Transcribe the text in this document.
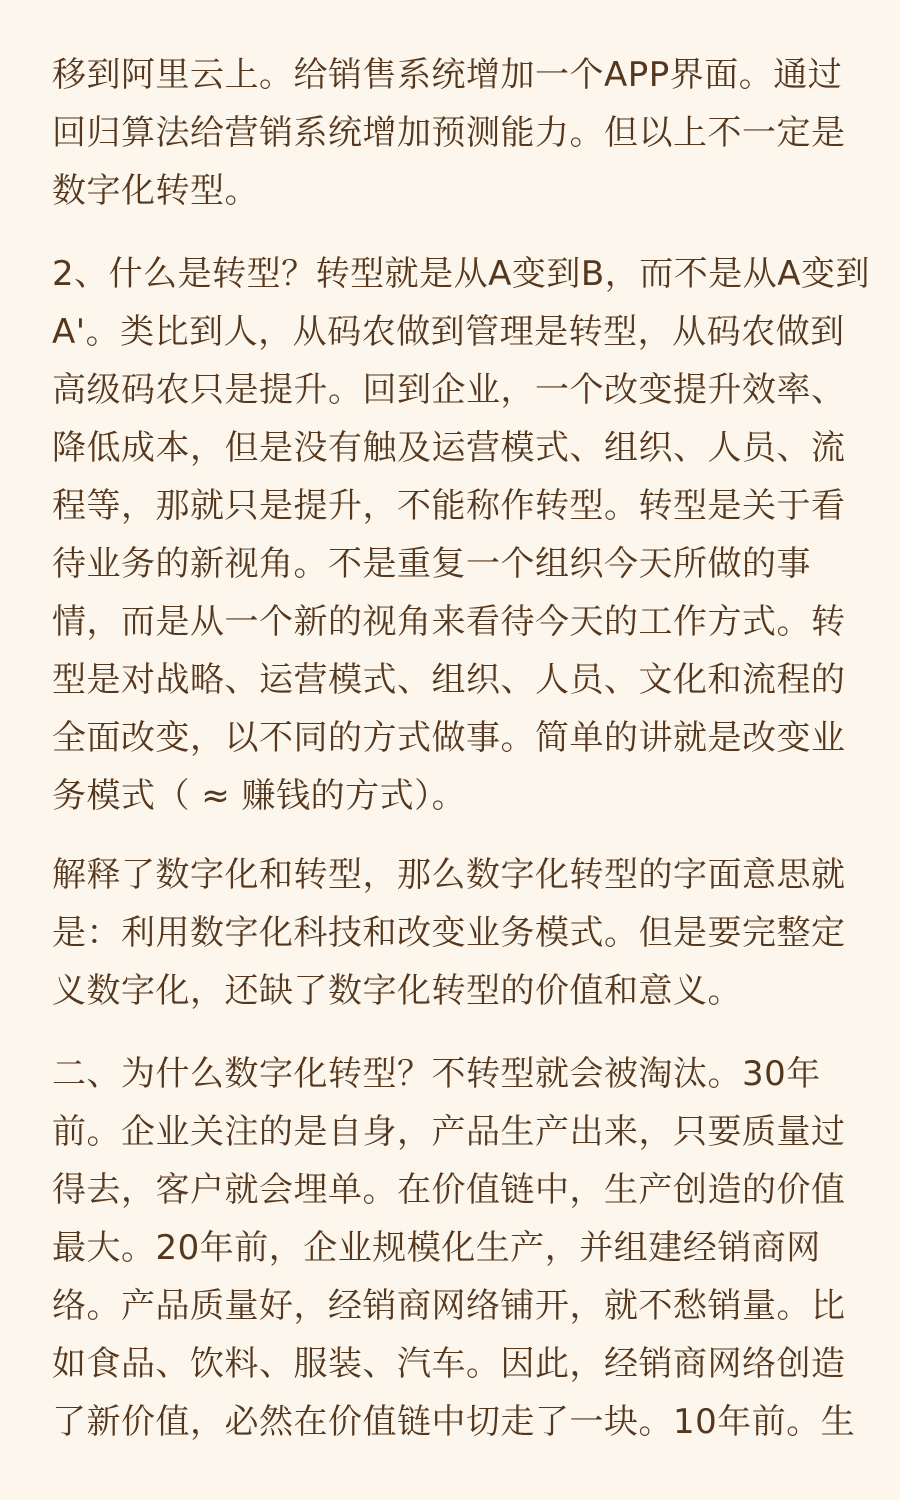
移到阿里云上。给销售系统增加一个APP界面。通过
回归算法给营销系统增加预测能力。但以上不一定是
数字化转型。
2、什么是转型？转型就是从A变到B，而不是从A变到
A'。类比到人，从码农做到管理是转型，从码农做到
高级码农只是提升。回到企业，一个改变提升效率、
降低成本，但是没有触及运营模式、组织、人员、流
程等，那就只是提升，不能称作转型。转型是关于看
待业务的新视角。不是重复一个组织今天所做的事
情，而是从一个新的视角来看待今天的工作方式。转
型是对战略、运营模式、组织、人员、文化和流程的
全面改变，以不同的方式做事。简单的讲就是改变业
务模式（ ≈ 赚钱的方式）。
解释了数字化和转型，那么数字化转型的字面意思就
是：利用数字化科技和改变业务模式。但是要完整定
义数字化，还缺了数字化转型的价值和意义。
二、为什么数字化转型？不转型就会被淘汰。30年
前。企业关注的是自身，产品生产出来，只要质量过
得去，客户就会埋单。在价值链中，生产创造的价值
最大。20年前，企业规模化生产，并组建经销商网
络。产品质量好，经销商网络铺开，就不愁销量。比
如食品、饮料、服装、汽车。因此，经销商网络创造
了新价值，必然在价值链中切走了一块。10年前。生
